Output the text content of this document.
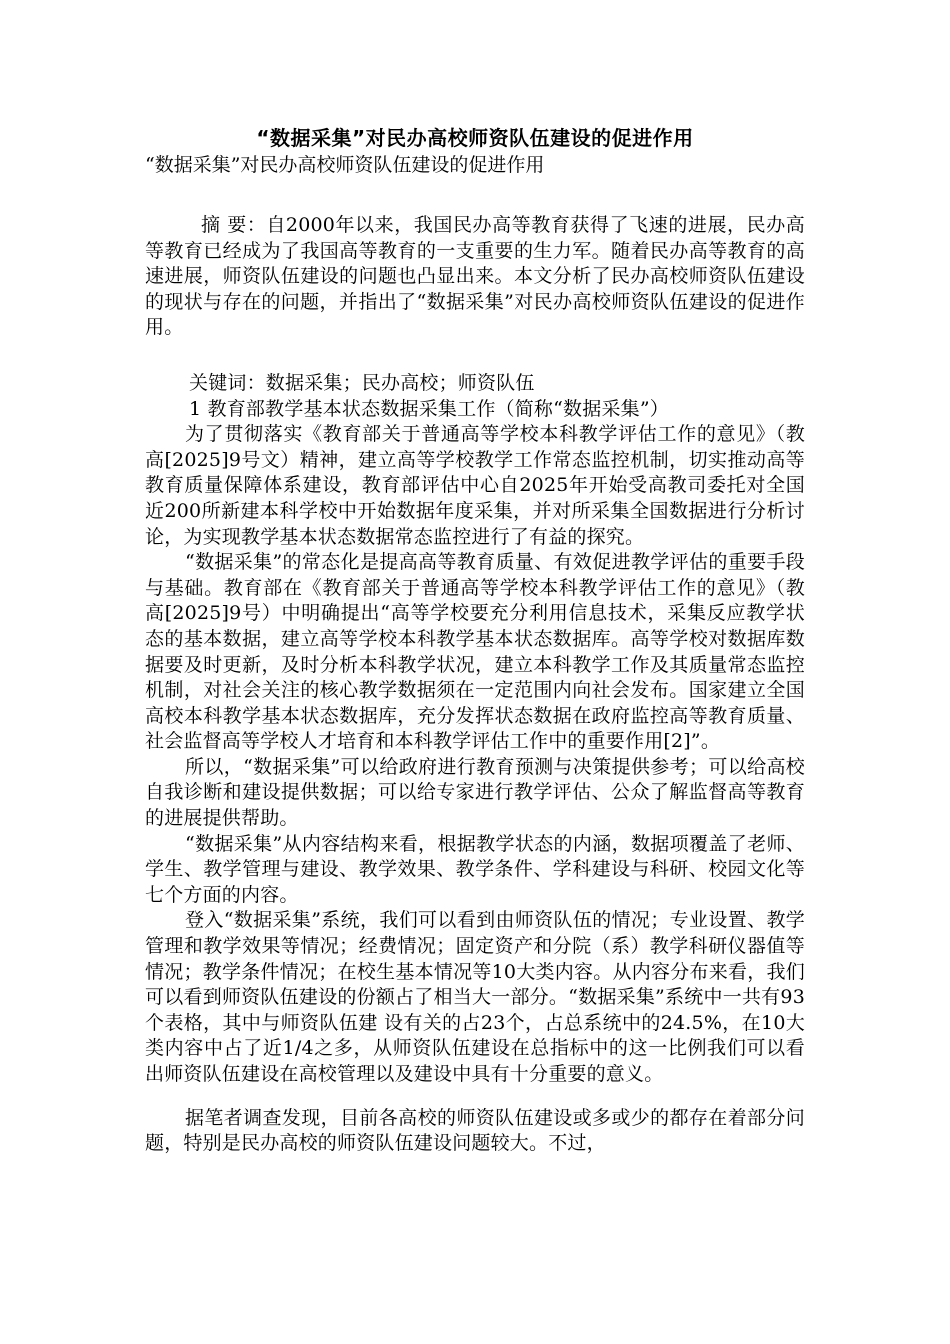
“数据采集”对民办高校师资队伍建设的促进作用
“数据采集”对民办高校师资队伍建设的促进作用

摘 要：自2000年以来，我国民办高等教育获得了飞速的进展，民办高等教育已经成为了我国高等教育的一支重要的生力军。随着民办高等教育的高速进展，师资队伍建设的问题也凸显出来。本文分析了民办高校师资队伍建设的现状与存在的问题，并指出了“数据采集”对民办高校师资队伍建设的促进作用。

关键词：数据采集；民办高校；师资队伍

1 教育部教学基本状态数据采集工作（简称“数据采集”）

为了贯彻落实《教育部关于普通高等学校本科教学评估工作的意见》（教高[2025]9号文）精神，建立高等学校教学工作常态监控机制，切实推动高等教育质量保障体系建设，教育部评估中心自2025年开始受高教司委托对全国近200所新建本科学校中开始数据年度采集，并对所采集全国数据进行分析讨论，为实现教学基本状态数据常态监控进行了有益的探究。

“数据采集”的常态化是提高高等教育质量、有效促进教学评估的重要手段与基础。教育部在《教育部关于普通高等学校本科教学评估工作的意见》（教高[2025]9号）中明确提出“高等学校要充分利用信息技术，采集反应教学状态的基本数据，建立高等学校本科教学基本状态数据库。高等学校对数据库数据要及时更新，及时分析本科教学状况，建立本科教学工作及其质量常态监控机制，对社会关注的核心教学数据须在一定范围内向社会发布。国家建立全国高校本科教学基本状态数据库，充分发挥状态数据在政府监控高等教育质量、社会监督高等学校人才培育和本科教学评估工作中的重要作用[2]”。

所以，“数据采集”可以给政府进行教育预测与决策提供参考；可以给高校自我诊断和建设提供数据；可以给专家进行教学评估、公众了解监督高等教育的进展提供帮助。

“数据采集”从内容结构来看，根据教学状态的内涵，数据项覆盖了老师、学生、教学管理与建设、教学效果、教学条件、学科建设与科研、校园文化等七个方面的内容。

登入“数据采集”系统，我们可以看到由师资队伍的情况；专业设置、教学管理和教学效果等情况；经费情况；固定资产和分院（系）教学科研仪器值等情况；教学条件情况；在校生基本情况等10大类内容。从内容分布来看，我们可以看到师资队伍建设的份额占了相当大一部分。“数据采集”系统中一共有93个表格，其中与师资队伍建 设有关的占23个，占总系统中的24.5%，在10大类内容中占了近1/4之多，从师资队伍建设在总指标中的这一比例我们可以看出师资队伍建设在高校管理以及建设中具有十分重要的意义。

据笔者调查发现，目前各高校的师资队伍建设或多或少的都存在着部分问题，特别是民办高校的师资队伍建设问题较大。不过，
